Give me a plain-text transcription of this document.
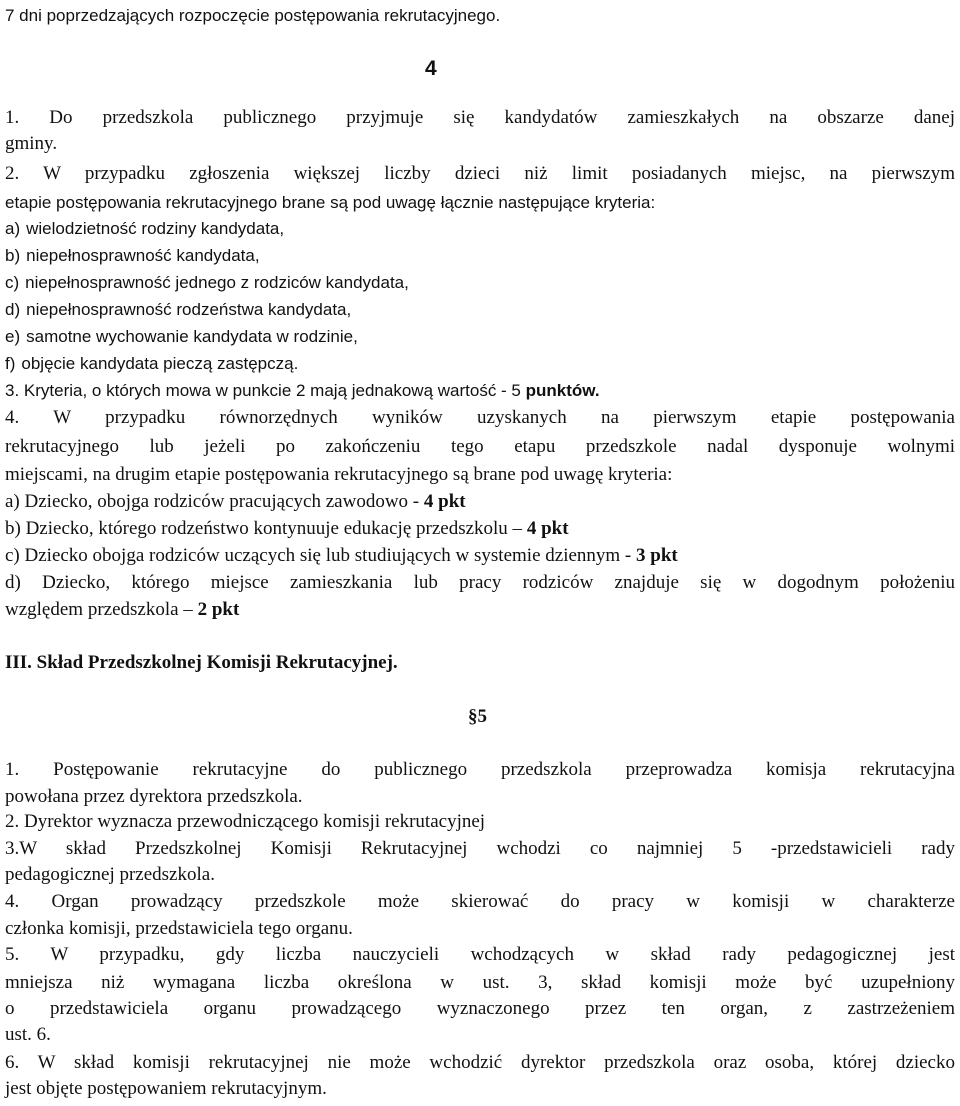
7 dni poprzedzających rozpoczęcie postępowania rekrutacyjnego.
4
1. Do przedszkola publicznego przyjmuje się kandydatów zamieszkałych na obszarze danej
gminy.
2. W przypadku zgłoszenia większej liczby dzieci niż limit posiadanych miejsc, na pierwszym
etapie postępowania rekrutacyjnego brane są pod uwagę łącznie następujące kryteria:
a) wielodzietność rodziny kandydata,
b) niepełnosprawność kandydata,
c) niepełnosprawność jednego z rodziców kandydata,
d) niepełnosprawność rodzeństwa kandydata,
e) samotne wychowanie kandydata w rodzinie,
f) objęcie kandydata pieczą zastępczą.
3. Kryteria, o których mowa w punkcie 2 mają jednakową wartość - 5 punktów.
4. W przypadku równorzędnych wyników uzyskanych na pierwszym etapie postępowania
rekrutacyjnego lub jeżeli po zakończeniu tego etapu przedszkole nadal dysponuje wolnymi
miejscami, na drugim etapie postępowania rekrutacyjnego są brane pod uwagę kryteria:
a) Dziecko, obojga rodziców pracujących zawodowo - 4 pkt
b) Dziecko, którego rodzeństwo kontynuuje edukację przedszkolu – 4 pkt
c) Dziecko obojga rodziców uczących się lub studiujących w systemie dziennym - 3 pkt
d) Dziecko, którego miejsce zamieszkania lub pracy rodziców znajduje się w dogodnym położeniu
względem przedszkola – 2 pkt
III. Skład Przedszkolnej Komisji Rekrutacyjnej.
§5
1. Postępowanie rekrutacyjne do publicznego przedszkola przeprowadza komisja rekrutacyjna
powołana przez dyrektora przedszkola.
2. Dyrektor wyznacza przewodniczącego komisji rekrutacyjnej
3.W skład Przedszkolnej Komisji Rekrutacyjnej wchodzi co najmniej 5 -przedstawicieli rady
pedagogicznej przedszkola.
4. Organ prowadzący przedszkole może skierować do pracy w komisji w charakterze
członka komisji, przedstawiciela tego organu.
5. W przypadku, gdy liczba nauczycieli wchodzących w skład rady pedagogicznej jest
mniejsza niż wymagana liczba określona w ust. 3, skład komisji może być uzupełniony
o przedstawiciela organu prowadzącego wyznaczonego przez ten organ, z zastrzeżeniem
ust. 6.
6. W skład komisji rekrutacyjnej nie może wchodzić dyrektor przedszkola oraz osoba, której dziecko
jest objęte postępowaniem rekrutacyjnym.
